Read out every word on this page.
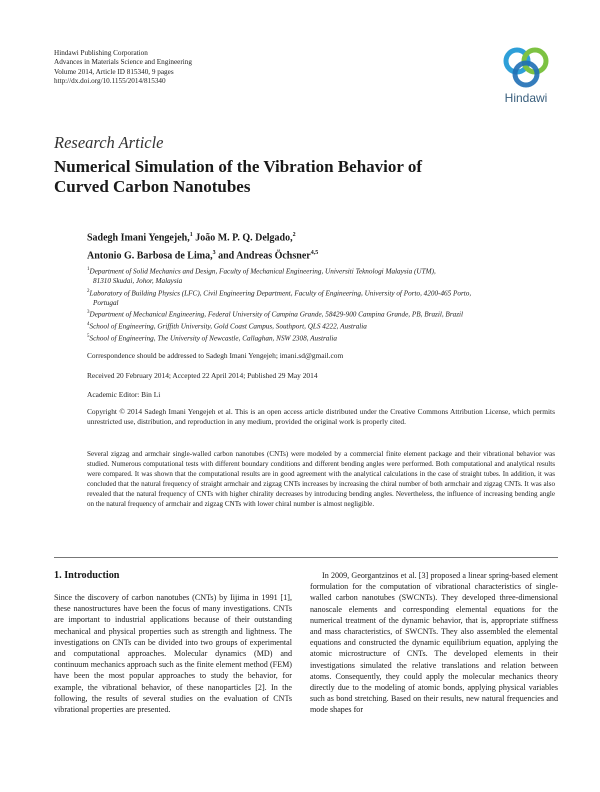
Hindawi Publishing Corporation
Advances in Materials Science and Engineering
Volume 2014, Article ID 815340, 9 pages
http://dx.doi.org/10.1155/2014/815340
Hindawi
Research Article
Numerical Simulation of the Vibration Behavior of
Curved Carbon Nanotubes
Sadegh Imani Yengejeh,$^1$ João M. P. Q. Delgado,$^2$
Antonio G. Barbosa de Lima,$^3$ and Andreas Öchsner$^{4,5}$
$^1$Department of Solid Mechanics and Design, Faculty of Mechanical Engineering, Universiti Teknologi Malaysia (UTM),
81310 Skudai, Johor, Malaysia
$^2$Laboratory of Building Physics (LFC), Civil Engineering Department, Faculty of Engineering, University of Porto, 4200-465 Porto,
Portugal
$^3$Department of Mechanical Engineering, Federal University of Campina Grande, 58429-900 Campina Grande, PB, Brazil, Brazil
$^4$School of Engineering, Griffith University, Gold Coast Campus, Southport, QLS 4222, Australia
$^5$School of Engineering, The University of Newcastle, Callaghan, NSW 2308, Australia
Correspondence should be addressed to Sadegh Imani Yengejeh; imani.sd@gmail.com
Received 20 February 2014; Accepted 22 April 2014; Published 29 May 2014
Academic Editor: Bin Li
Copyright © 2014 Sadegh Imani Yengejeh et al. This is an open access article distributed under the Creative Commons Attribution License, which permits unrestricted use, distribution, and reproduction in any medium, provided the original work is properly cited.
Several zigzag and armchair single-walled carbon nanotubes (CNTs) were modeled by a commercial finite element package and their vibrational behavior was studied. Numerous computational tests with different boundary conditions and different bending angles were performed. Both computational and analytical results were compared. It was shown that the computational results are in good agreement with the analytical calculations in the case of straight tubes. In addition, it was concluded that the natural frequency of straight armchair and zigzag CNTs increases by increasing the chiral number of both armchair and zigzag CNTs. It was also revealed that the natural frequency of CNTs with higher chirality decreases by introducing bending angles. Nevertheless, the influence of increasing bending angle on the natural frequency of armchair and zigzag CNTs with lower chiral number is almost negligible.
1. Introduction
Since the discovery of carbon nanotubes (CNTs) by Iijima in 1991 [1], these nanostructures have been the focus of many investigations. CNTs are important to industrial applications because of their outstanding mechanical and physical properties such as strength and lightness. The investigations on CNTs can be divided into two groups of experimental and computational approaches. Molecular dynamics (MD) and continuum mechanics approach such as the finite element method (FEM) have been the most popular approaches to study the behavior, for example, the vibrational behavior, of these nanoparticles [2]. In the following, the results of several studies on the evaluation of CNTs vibrational properties are presented.
In 2009, Georgantzinos et al. [3] proposed a linear spring-based element formulation for the computation of vibrational characteristics of single-walled carbon nanotubes (SWCNTs). They developed three-dimensional nanoscale elements and corresponding elemental equations for the numerical treatment of the dynamic behavior, that is, appropriate stiffness and mass characteristics, of SWCNTs. They also assembled the elemental equations and constructed the dynamic equilibrium equation, applying the atomic microstructure of CNTs. The developed elements in their investigations simulated the relative translations and relation between atoms. Consequently, they could apply the molecular mechanics theory directly due to the modeling of atomic bonds, applying physical variables such as bond stretching. Based on their results, new natural frequencies and mode shapes for
